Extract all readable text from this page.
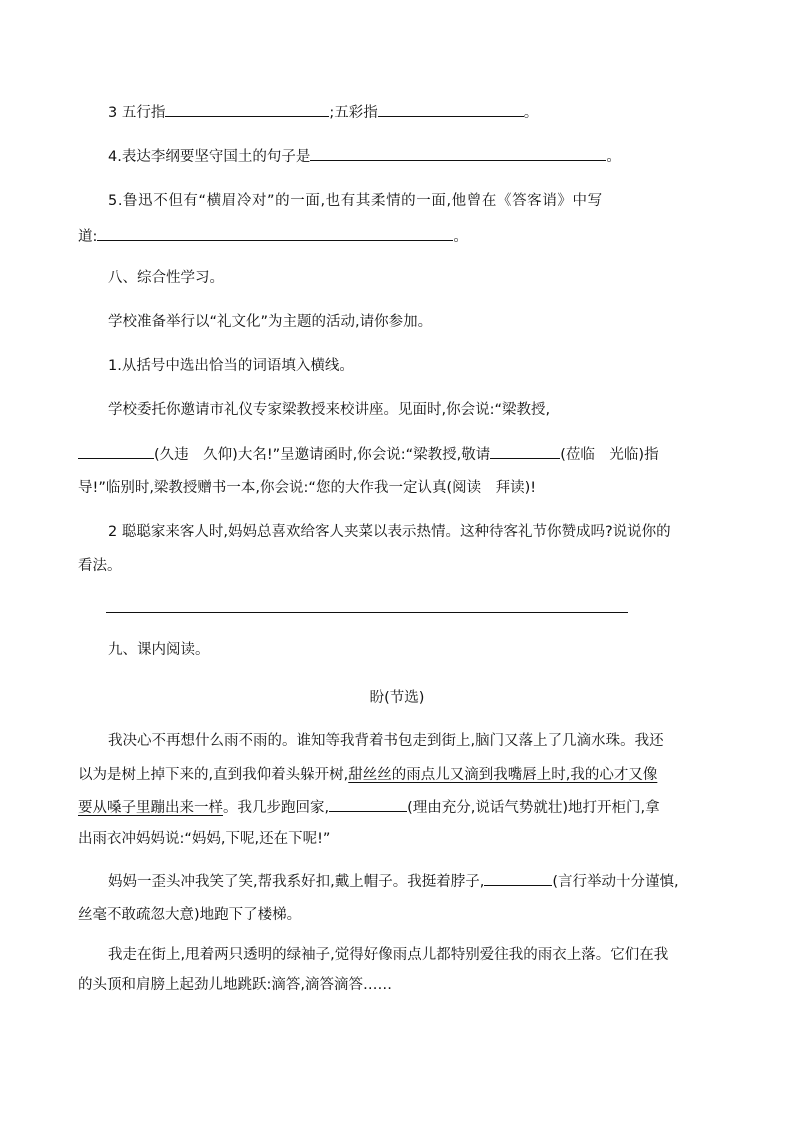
3 五行指	;五彩指	。
4.表达李纲要坚守国土的句子是	。
5.鲁迅不但有“横眉冷对”的一面,也有其柔情的一面,他曾在《答客诮》中写
道:	。
八、综合性学习。
学校准备举行以“礼文化”为主题的活动,请你参加。
1.从括号中选出恰当的词语填入横线。
学校委托你邀请市礼仪专家梁教授来校讲座。见面时,你会说:“梁教授,
(久违　久仰)大名!”呈邀请函时,你会说:“梁教授,敬请	(莅临　光临)指
导!”临别时,梁教授赠书一本,你会说:“您的大作我一定认真(阅读　拜读)!
2 聪聪家来客人时,妈妈总喜欢给客人夹菜以表示热情。这种待客礼节你赞成吗?说说你的
看法。
九、课内阅读。
盼(节选)
我决心不再想什么雨不雨的。谁知等我背着书包走到街上,脑门又落上了几滴水珠。我还
以为是树上掉下来的,直到我仰着头躲开树,甜丝丝的雨点儿又滴到我嘴唇上时,我的心才又像
要从嗓子里蹦出来一样。我几步跑回家,	(理由充分,说话气势就壮)地打开柜门,拿
出雨衣冲妈妈说:“妈妈,下呢,还在下呢!”
妈妈一歪头冲我笑了笑,帮我系好扣,戴上帽子。我挺着脖子,	(言行举动十分谨慎,
丝毫不敢疏忽大意)地跑下了楼梯。
我走在街上,甩着两只透明的绿袖子,觉得好像雨点儿都特别爱往我的雨衣上落。它们在我
的头顶和肩膀上起劲儿地跳跃:滴答,滴答滴答……
